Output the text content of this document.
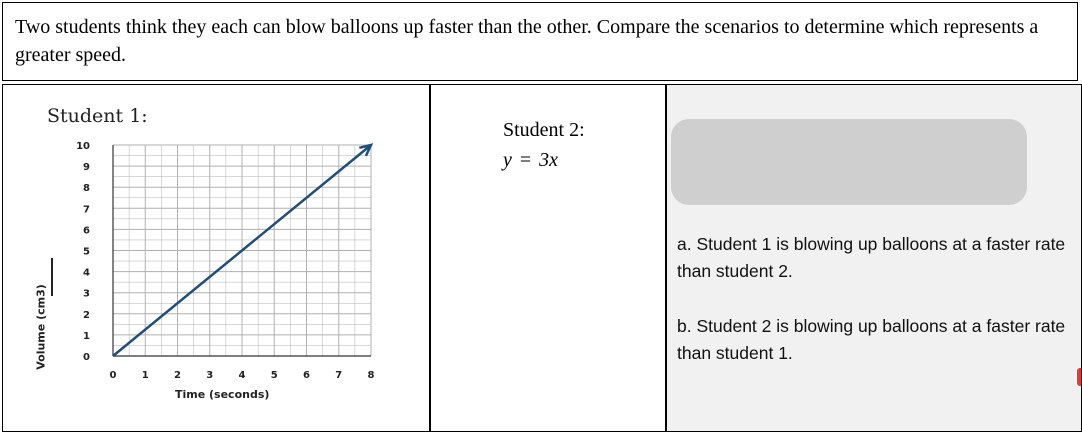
Two students think they each can blow balloons up faster than the other. Compare the scenarios to determine which represents a greater speed.
Student 1:
Volume (cm3)
Time (seconds)
0	1	2	3	4	5	6	7	8
0
1
2
3
4
5
6
7
8
9
10
Student 2:
y = 3x
a. Student 1 is blowing up balloons at a faster rate than student 2.
b. Student 2 is blowing up balloons at a faster rate than student 1.
